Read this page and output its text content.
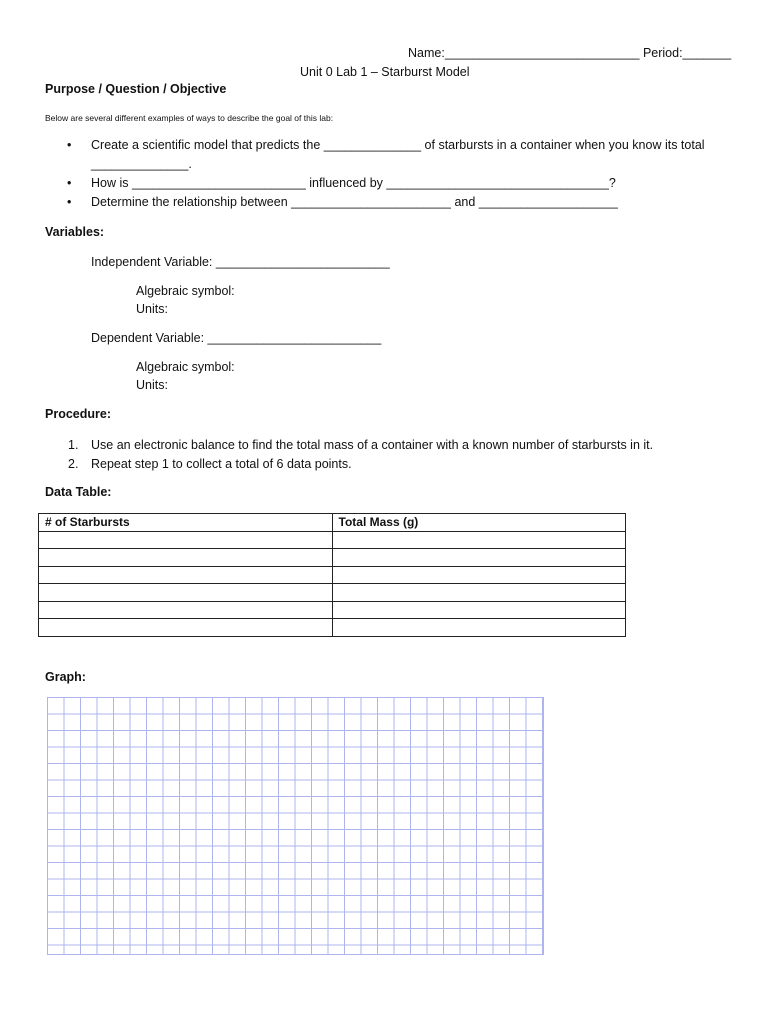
Name:____________________________ Period:_______
Unit 0 Lab 1 – Starburst Model
Purpose / Question / Objective
Below are several different examples of ways to describe the goal of this lab:
• Create a scientific model that predicts the ______________ of starbursts in a container when you know its total ______________.
• How is _________________________ influenced by ________________________________?
• Determine the relationship between _______________________ and ____________________
Variables:
Independent Variable: _________________________
Algebraic symbol:
Units:
Dependent Variable: _________________________
Algebraic symbol:
Units:
Procedure:
1. Use an electronic balance to find the total mass of a container with a known number of starbursts in it.
2. Repeat step 1 to collect a total of 6 data points.
Data Table:
# of Starbursts	Total Mass (g)

Graph:
